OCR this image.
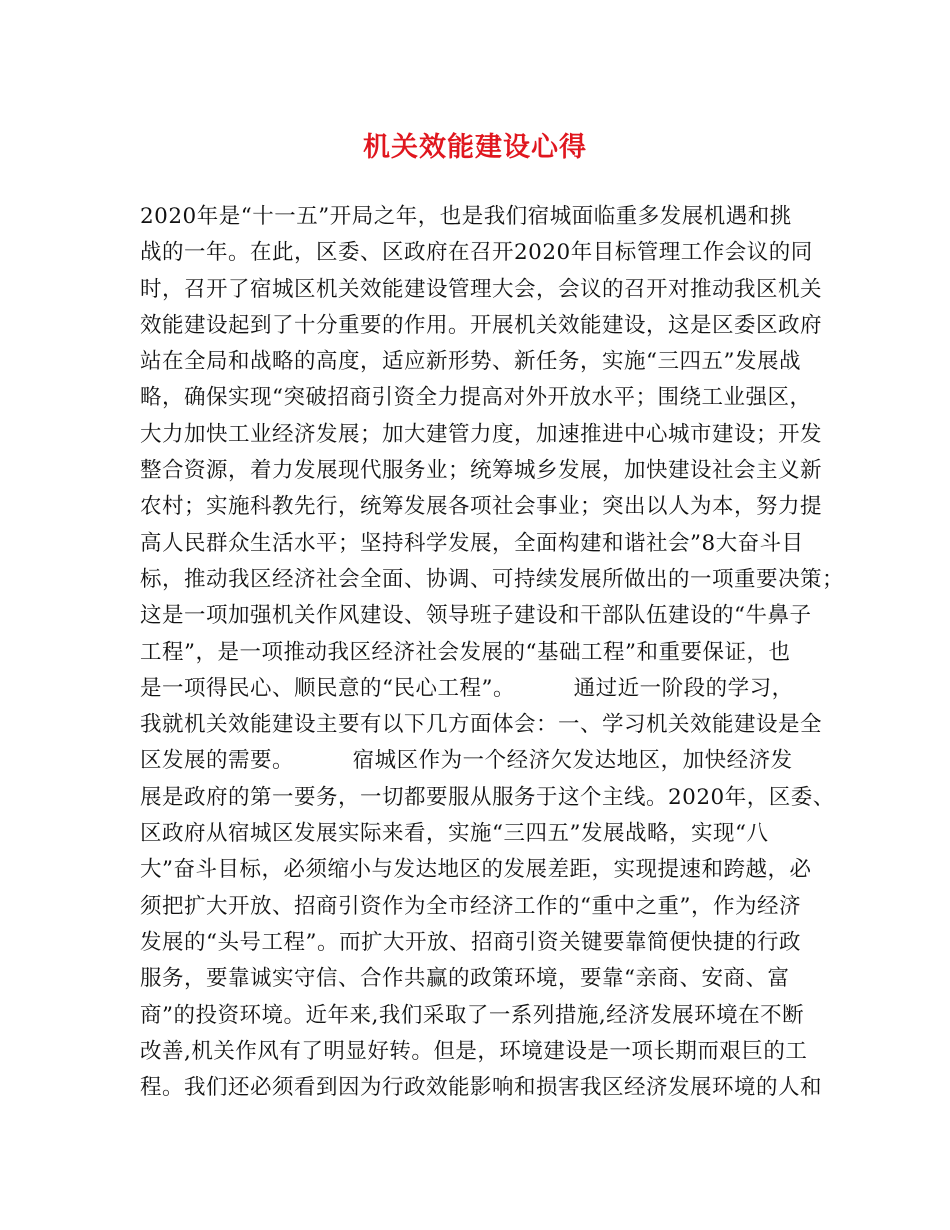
机关效能建设心得
2020年是“十一五”开局之年，也是我们宿城面临重多发展机遇和挑
战的一年。在此，区委、区政府在召开2020年目标管理工作会议的同
时，召开了宿城区机关效能建设管理大会，会议的召开对推动我区机关
效能建设起到了十分重要的作用。开展机关效能建设，这是区委区政府
站在全局和战略的高度，适应新形势、新任务，实施“三四五”发展战
略，确保实现“突破招商引资全力提高对外开放水平；围绕工业强区，
大力加快工业经济发展；加大建管力度，加速推进中心城市建设；开发
整合资源，着力发展现代服务业；统筹城乡发展，加快建设社会主义新
农村；实施科教先行，统筹发展各项社会事业；突出以人为本，努力提
高人民群众生活水平；坚持科学发展，全面构建和谐社会”8大奋斗目
标，推动我区经济社会全面、协调、可持续发展所做出的一项重要决策；
这是一项加强机关作风建设、领导班子建设和干部队伍建设的“牛鼻子
工程”，是一项推动我区经济社会发展的“基础工程”和重要保证，也
是一项得民心、顺民意的“民心工程”。        通过近一阶段的学习，
我就机关效能建设主要有以下几方面体会：一、学习机关效能建设是全
区发展的需要。        宿城区作为一个经济欠发达地区，加快经济发
展是政府的第一要务，一切都要服从服务于这个主线。2020年，区委、
区政府从宿城区发展实际来看，实施“三四五”发展战略，实现“八
大”奋斗目标，必须缩小与发达地区的发展差距，实现提速和跨越，必
须把扩大开放、招商引资作为全市经济工作的“重中之重”，作为经济
发展的“头号工程”。而扩大开放、招商引资关键要靠简便快捷的行政
服务，要靠诚实守信、合作共赢的政策环境，要靠“亲商、安商、富
商”的投资环境。近年来,我们采取了一系列措施,经济发展环境在不断
改善,机关作风有了明显好转。但是，环境建设是一项长期而艰巨的工
程。我们还必须看到因为行政效能影响和损害我区经济发展环境的人和
